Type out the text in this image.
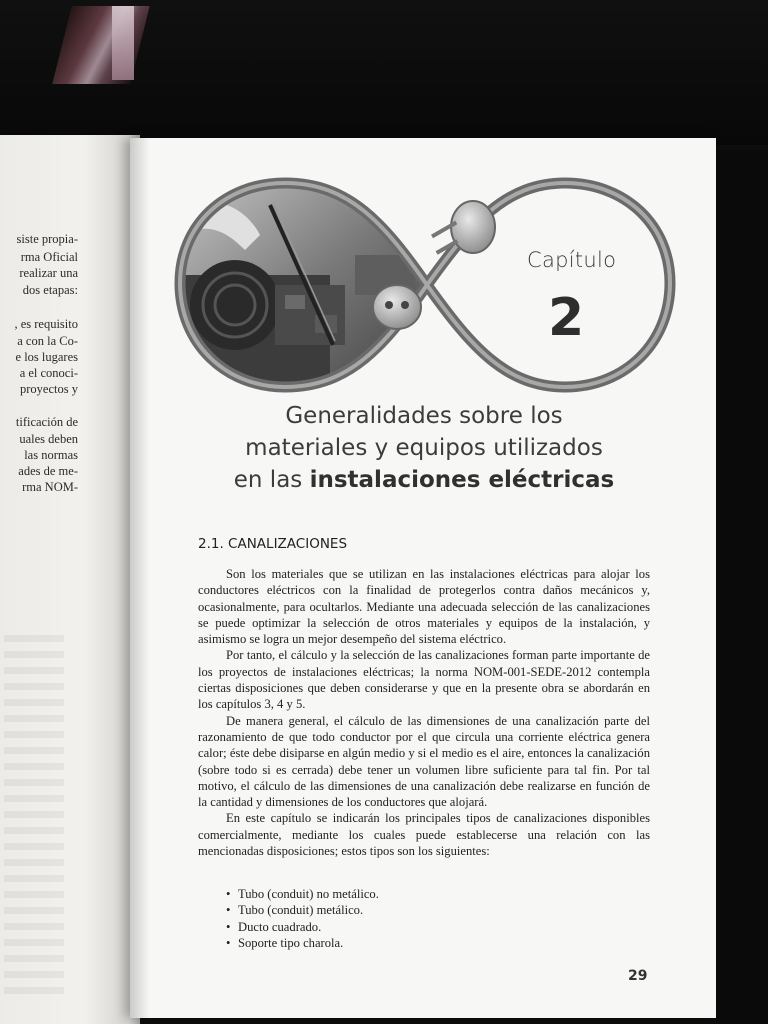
siste propia-
rma Oficial
realizar una
dos etapas:
, es requisito
a con la Co-
e los lugares
a el conoci-
proyectos y
tificación de
uales deben
las normas
ades de me-
rma NOM-
Capítulo
2
Generalidades sobre los
materiales y equipos utilizados
en las instalaciones eléctricas
2.1. CANALIZACIONES

Son los materiales que se utilizan en las instalaciones eléctricas para alojar los conductores eléctricos con la finalidad de protegerlos contra daños mecánicos y, ocasionalmente, para ocultarlos. Mediante una adecuada selección de las canalizaciones se puede optimizar la selección de otros materiales y equipos de la instalación, y asimismo se logra un mejor desempeño del sistema eléctrico.

Por tanto, el cálculo y la selección de las canalizaciones forman parte importante de los proyectos de instalaciones eléctricas; la norma NOM-001-SEDE-2012 contempla ciertas disposiciones que deben considerarse y que en la presente obra se abordarán en los capítulos 3, 4 y 5.

De manera general, el cálculo de las dimensiones de una canalización parte del razonamiento de que todo conductor por el que circula una corriente eléctrica genera calor; éste debe disiparse en algún medio y si el medio es el aire, entonces la canalización (sobre todo si es cerrada) debe tener un volumen libre suficiente para tal fin. Por tal motivo, el cálculo de las dimensiones de una canalización debe realizarse en función de la cantidad y dimensiones de los conductores que alojará.

En este capítulo se indicarán los principales tipos de canalizaciones disponibles comercialmente, mediante los cuales puede establecerse una relación con las mencionadas disposiciones; estos tipos son los siguientes:

• Tubo (conduit) no metálico.
• Tubo (conduit) metálico.
• Ducto cuadrado.
• Soporte tipo charola.
29
